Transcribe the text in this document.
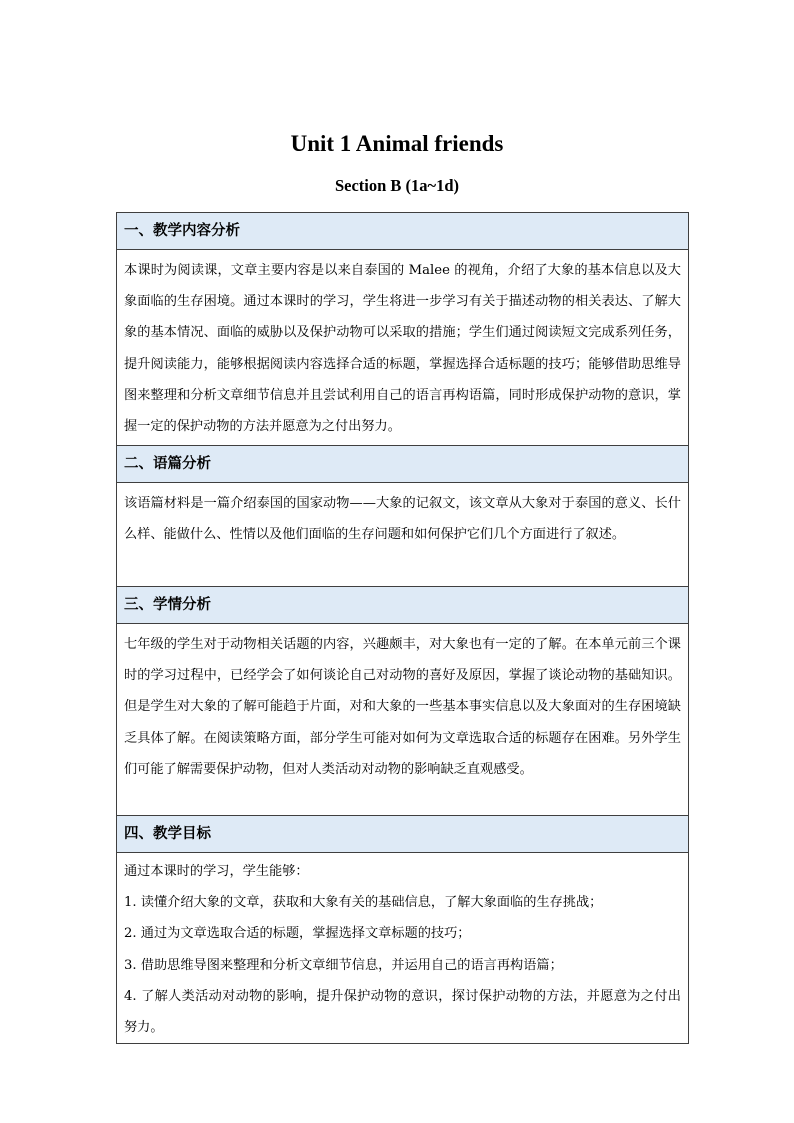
Unit 1 Animal friends
Section B (1a~1d)
一、教学内容分析
本课时为阅读课，文章主要内容是以来自泰国的 Malee 的视角，介绍了大象的基本信息以及大象面临的生存困境。通过本课时的学习，学生将进一步学习有关于描述动物的相关表达、了解大象的基本情况、面临的威胁以及保护动物可以采取的措施；学生们通过阅读短文完成系列任务，提升阅读能力，能够根据阅读内容选择合适的标题，掌握选择合适标题的技巧；能够借助思维导图来整理和分析文章细节信息并且尝试利用自己的语言再构语篇，同时形成保护动物的意识，掌握一定的保护动物的方法并愿意为之付出努力。
二、语篇分析
该语篇材料是一篇介绍泰国的国家动物——大象的记叙文，该文章从大象对于泰国的意义、长什么样、能做什么、性情以及他们面临的生存问题和如何保护它们几个方面进行了叙述。
三、学情分析
七年级的学生对于动物相关话题的内容，兴趣颇丰，对大象也有一定的了解。在本单元前三个课时的学习过程中，已经学会了如何谈论自己对动物的喜好及原因，掌握了谈论动物的基础知识。但是学生对大象的了解可能趋于片面，对和大象的一些基本事实信息以及大象面对的生存困境缺乏具体了解。在阅读策略方面，部分学生可能对如何为文章选取合适的标题存在困难。另外学生们可能了解需要保护动物，但对人类活动对动物的影响缺乏直观感受。
四、教学目标

通过本课时的学习，学生能够：
1. 读懂介绍大象的文章，获取和大象有关的基础信息，了解大象面临的生存挑战；
2. 通过为文章选取合适的标题，掌握选择文章标题的技巧；
3. 借助思维导图来整理和分析文章细节信息，并运用自己的语言再构语篇；
4. 了解人类活动对动物的影响，提升保护动物的意识，探讨保护动物的方法，并愿意为之付出努力。
